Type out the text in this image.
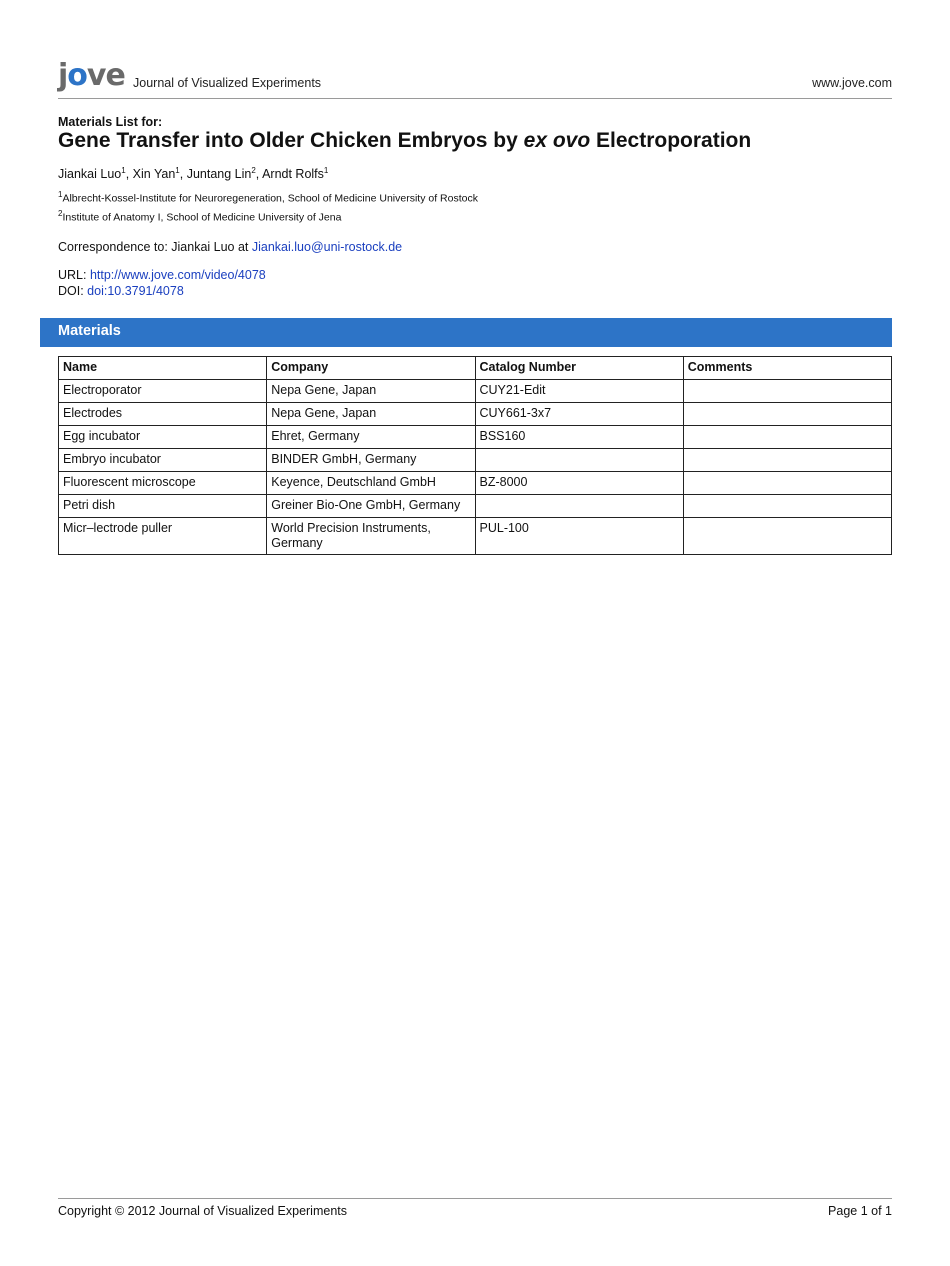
jove Journal of Visualized Experiments	www.jove.com
Materials List for:
Gene Transfer into Older Chicken Embryos by ex ovo Electroporation
Jiankai Luo$^1$, Xin Yan$^1$, Juntang Lin$^2$, Arndt Rolfs$^1$
$^1$Albrecht-Kossel-Institute for Neuroregeneration, School of Medicine University of Rostock
$^2$Institute of Anatomy I, School of Medicine University of Jena
Correspondence to: Jiankai Luo at Jiankai.luo@uni-rostock.de
URL: http://www.jove.com/video/4078
DOI: doi:10.3791/4078
Materials
Name	Company	Catalog Number	Comments
Electroporator	Nepa Gene, Japan	CUY21-Edit	
Electrodes	Nepa Gene, Japan	CUY661-3x7	
Egg incubator	Ehret, Germany	BSS160	
Embryo incubator	BINDER GmbH, Germany		
Fluorescent microscope	Keyence, Deutschland GmbH	BZ-8000	
Petri dish	Greiner Bio-One GmbH, Germany		
Micr–lectrode puller	World Precision Instruments, Germany	PUL-100	
Copyright © 2012 Journal of Visualized Experiments	Page 1 of 1
